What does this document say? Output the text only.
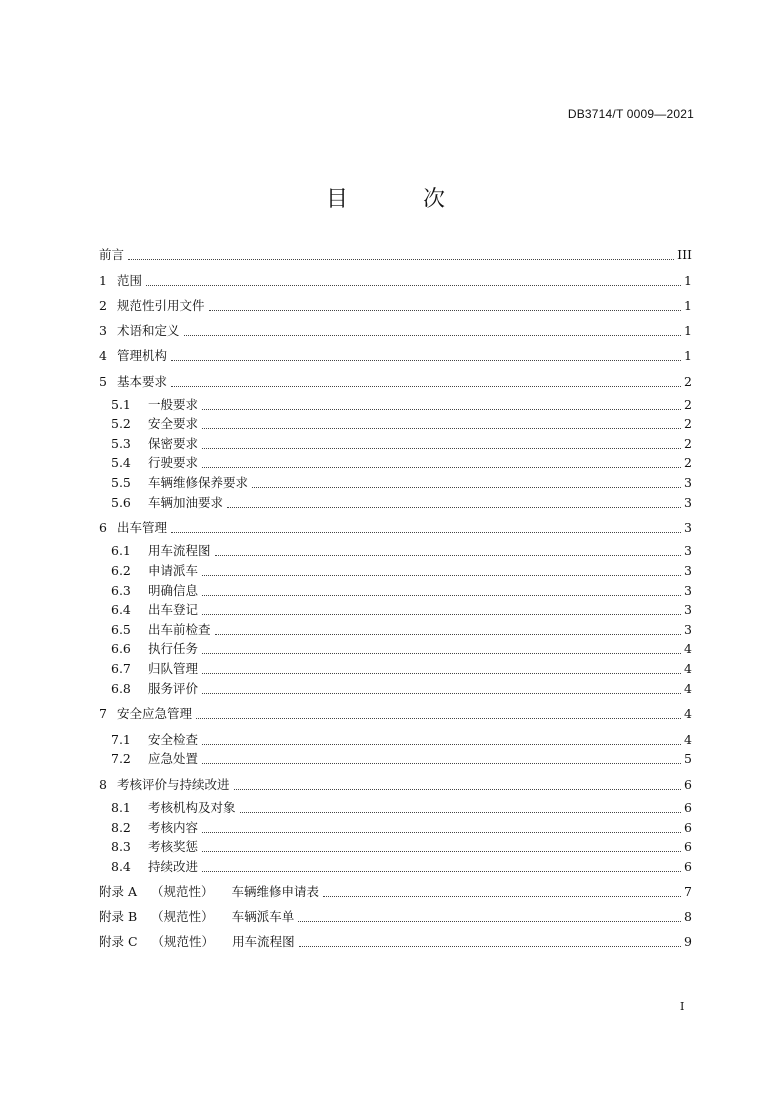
DB3714/T 0009—2021
目 次
前言	III
1 范围	1
2 规范性引用文件	1
3 术语和定义	1
4 管理机构	1
5 基本要求	2
5.1	一般要求	2
5.2	安全要求	2
5.3	保密要求	2
5.4	行驶要求	2
5.5	车辆维修保养要求	3
5.6	车辆加油要求	3
6 出车管理	3
6.1	用车流程图	3
6.2	申请派车	3
6.3	明确信息	3
6.4	出车登记	3
6.5	出车前检查	3
6.6	执行任务	4
6.7	归队管理	4
6.8	服务评价	4
7 安全应急管理	4
7.1	安全检查	4
7.2	应急处置	5
8 考核评价与持续改进	6
8.1	考核机构及对象	6
8.2	考核内容	6
8.3	考核奖惩	6
8.4	持续改进	6
附录 A （规范性） 车辆维修申请表	7
附录 B （规范性） 车辆派车单	8
附录 C （规范性） 用车流程图	9
I
